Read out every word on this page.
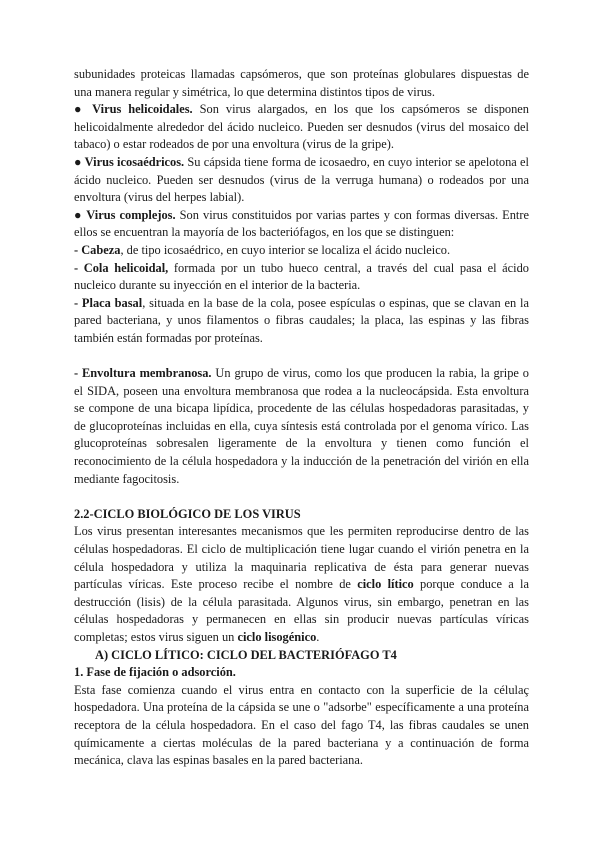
subunidades proteicas llamadas capsómeros, que son proteínas globulares dispuestas de una manera regular y simétrica, lo que determina distintos tipos de virus.

● Virus helicoidales. Son virus alargados, en los que los capsómeros se disponen helicoidalmente alrededor del ácido nucleico. Pueden ser desnudos (virus del mosaico del tabaco) o estar rodeados de por una envoltura (virus de la gripe).

● Virus icosaédricos. Su cápsida tiene forma de icosaedro, en cuyo interior se apelotona el ácido nucleico. Pueden ser desnudos (virus de la verruga humana) o rodeados por una envoltura (virus del herpes labial).

● Virus complejos. Son virus constituidos por varias partes y con formas diversas. Entre ellos se encuentran la mayoría de los bacteriófagos, en los que se distinguen:

- Cabeza, de tipo icosaédrico, en cuyo interior se localiza el ácido nucleico.

- Cola helicoidal, formada por un tubo hueco central, a través del cual pasa el ácido nucleico durante su inyección en el interior de la bacteria.

- Placa basal, situada en la base de la cola, posee espículas o espinas, que se clavan en la pared bacteriana, y unos filamentos o fibras caudales; la placa, las espinas y las fibras también están formadas por proteínas.

- Envoltura membranosa. Un grupo de virus, como los que producen la rabia, la gripe o el SIDA, poseen una envoltura membranosa que rodea a la nucleocápsida. Esta envoltura se compone de una bicapa lipídica, procedente de las células hospedadoras parasitadas, y de glucoproteínas incluidas en ella, cuya síntesis está controlada por el genoma vírico. Las glucoproteínas sobresalen ligeramente de la envoltura y tienen como función el reconocimiento de la célula hospedadora y la inducción de la penetración del virión en ella mediante fagocitosis.

2.2-CICLO BIOLÓGICO DE LOS VIRUS

Los virus presentan interesantes mecanismos que les permiten reproducirse dentro de las células hospedadoras. El ciclo de multiplicación tiene lugar cuando el virión penetra en la célula hospedadora y utiliza la maquinaria replicativa de ésta para generar nuevas partículas víricas. Este proceso recibe el nombre de ciclo lítico porque conduce a la destrucción (lisis) de la célula parasitada. Algunos virus, sin embargo, penetran en las células hospedadoras y permanecen en ellas sin producir nuevas partículas víricas completas; estos virus siguen un ciclo lisogénico.

A) CICLO LÍTICO: CICLO DEL BACTERIÓFAGO T4

1. Fase de fijación o adsorción.

Esta fase comienza cuando el virus entra en contacto con la superficie de la célulaç hospedadora. Una proteína de la cápsida se une o "adsorbe" específicamente a una proteína receptora de la célula hospedadora. En el caso del fago T4, las fibras caudales se unen químicamente a ciertas moléculas de la pared bacteriana y a continuación de forma mecánica, clava las espinas basales en la pared bacteriana.
